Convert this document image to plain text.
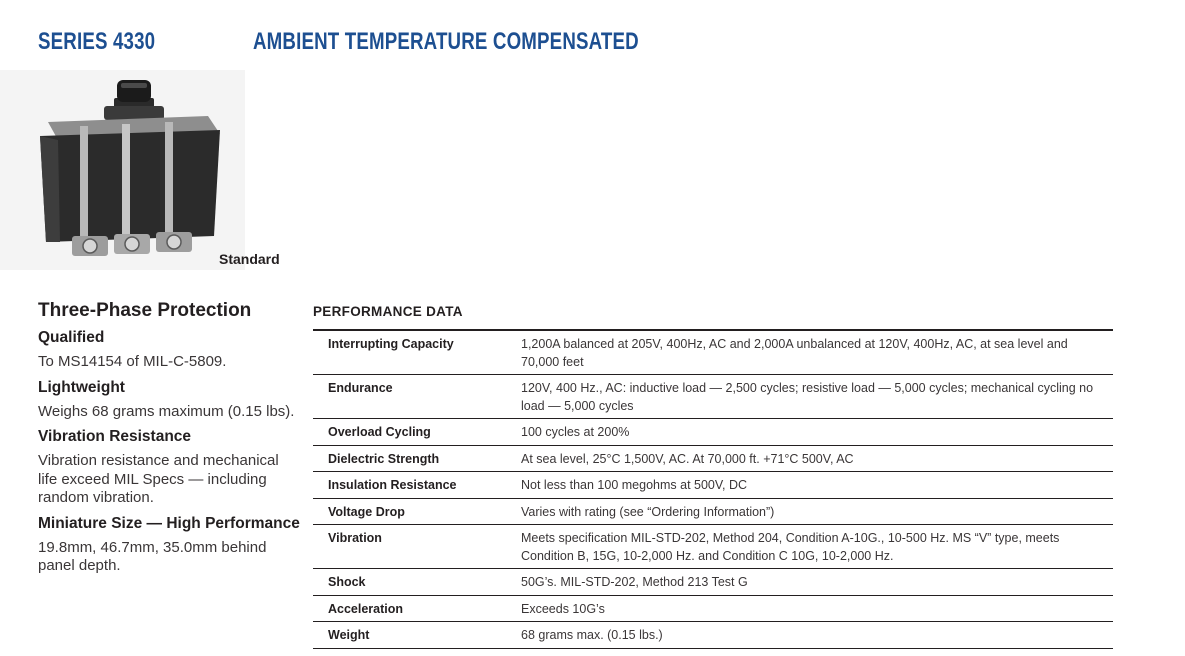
SERIES 4330	AMBIENT TEMPERATURE COMPENSATED
Standard
Three-Phase Protection
Qualified
To MS14154 of MIL-C-5809.
Lightweight
Weighs 68 grams maximum (0.15 lbs).
Vibration Resistance
Vibration resistance and mechanical life exceed MIL Specs — including random vibration.
Miniature Size — High Performance
19.8mm, 46.7mm, 35.0mm behind panel depth.
PERFORMANCE DATA
Interrupting Capacity	1,200A balanced at 205V, 400Hz, AC and 2,000A unbalanced at 120V, 400Hz, AC, at sea level and 70,000 feet
Endurance	120V, 400 Hz., AC: inductive load — 2,500 cycles; resistive load — 5,000 cycles; mechanical cycling no load — 5,000 cycles
Overload Cycling	100 cycles at 200%
Dielectric Strength	At sea level, 25°C 1,500V, AC. At 70,000 ft. +71°C 500V, AC
Insulation Resistance	Not less than 100 megohms at 500V, DC
Voltage Drop	Varies with rating (see “Ordering Information”)
Vibration	Meets specification MIL-STD-202, Method 204, Condition A-10G., 10-500 Hz. MS “V” type, meets Condition B, 15G, 10-2,000 Hz. and Condition C 10G, 10-2,000 Hz.
Shock	50G’s. MIL-STD-202, Method 213 Test G
Acceleration	Exceeds 10G’s
Weight	68 grams max. (0.15 lbs.)
